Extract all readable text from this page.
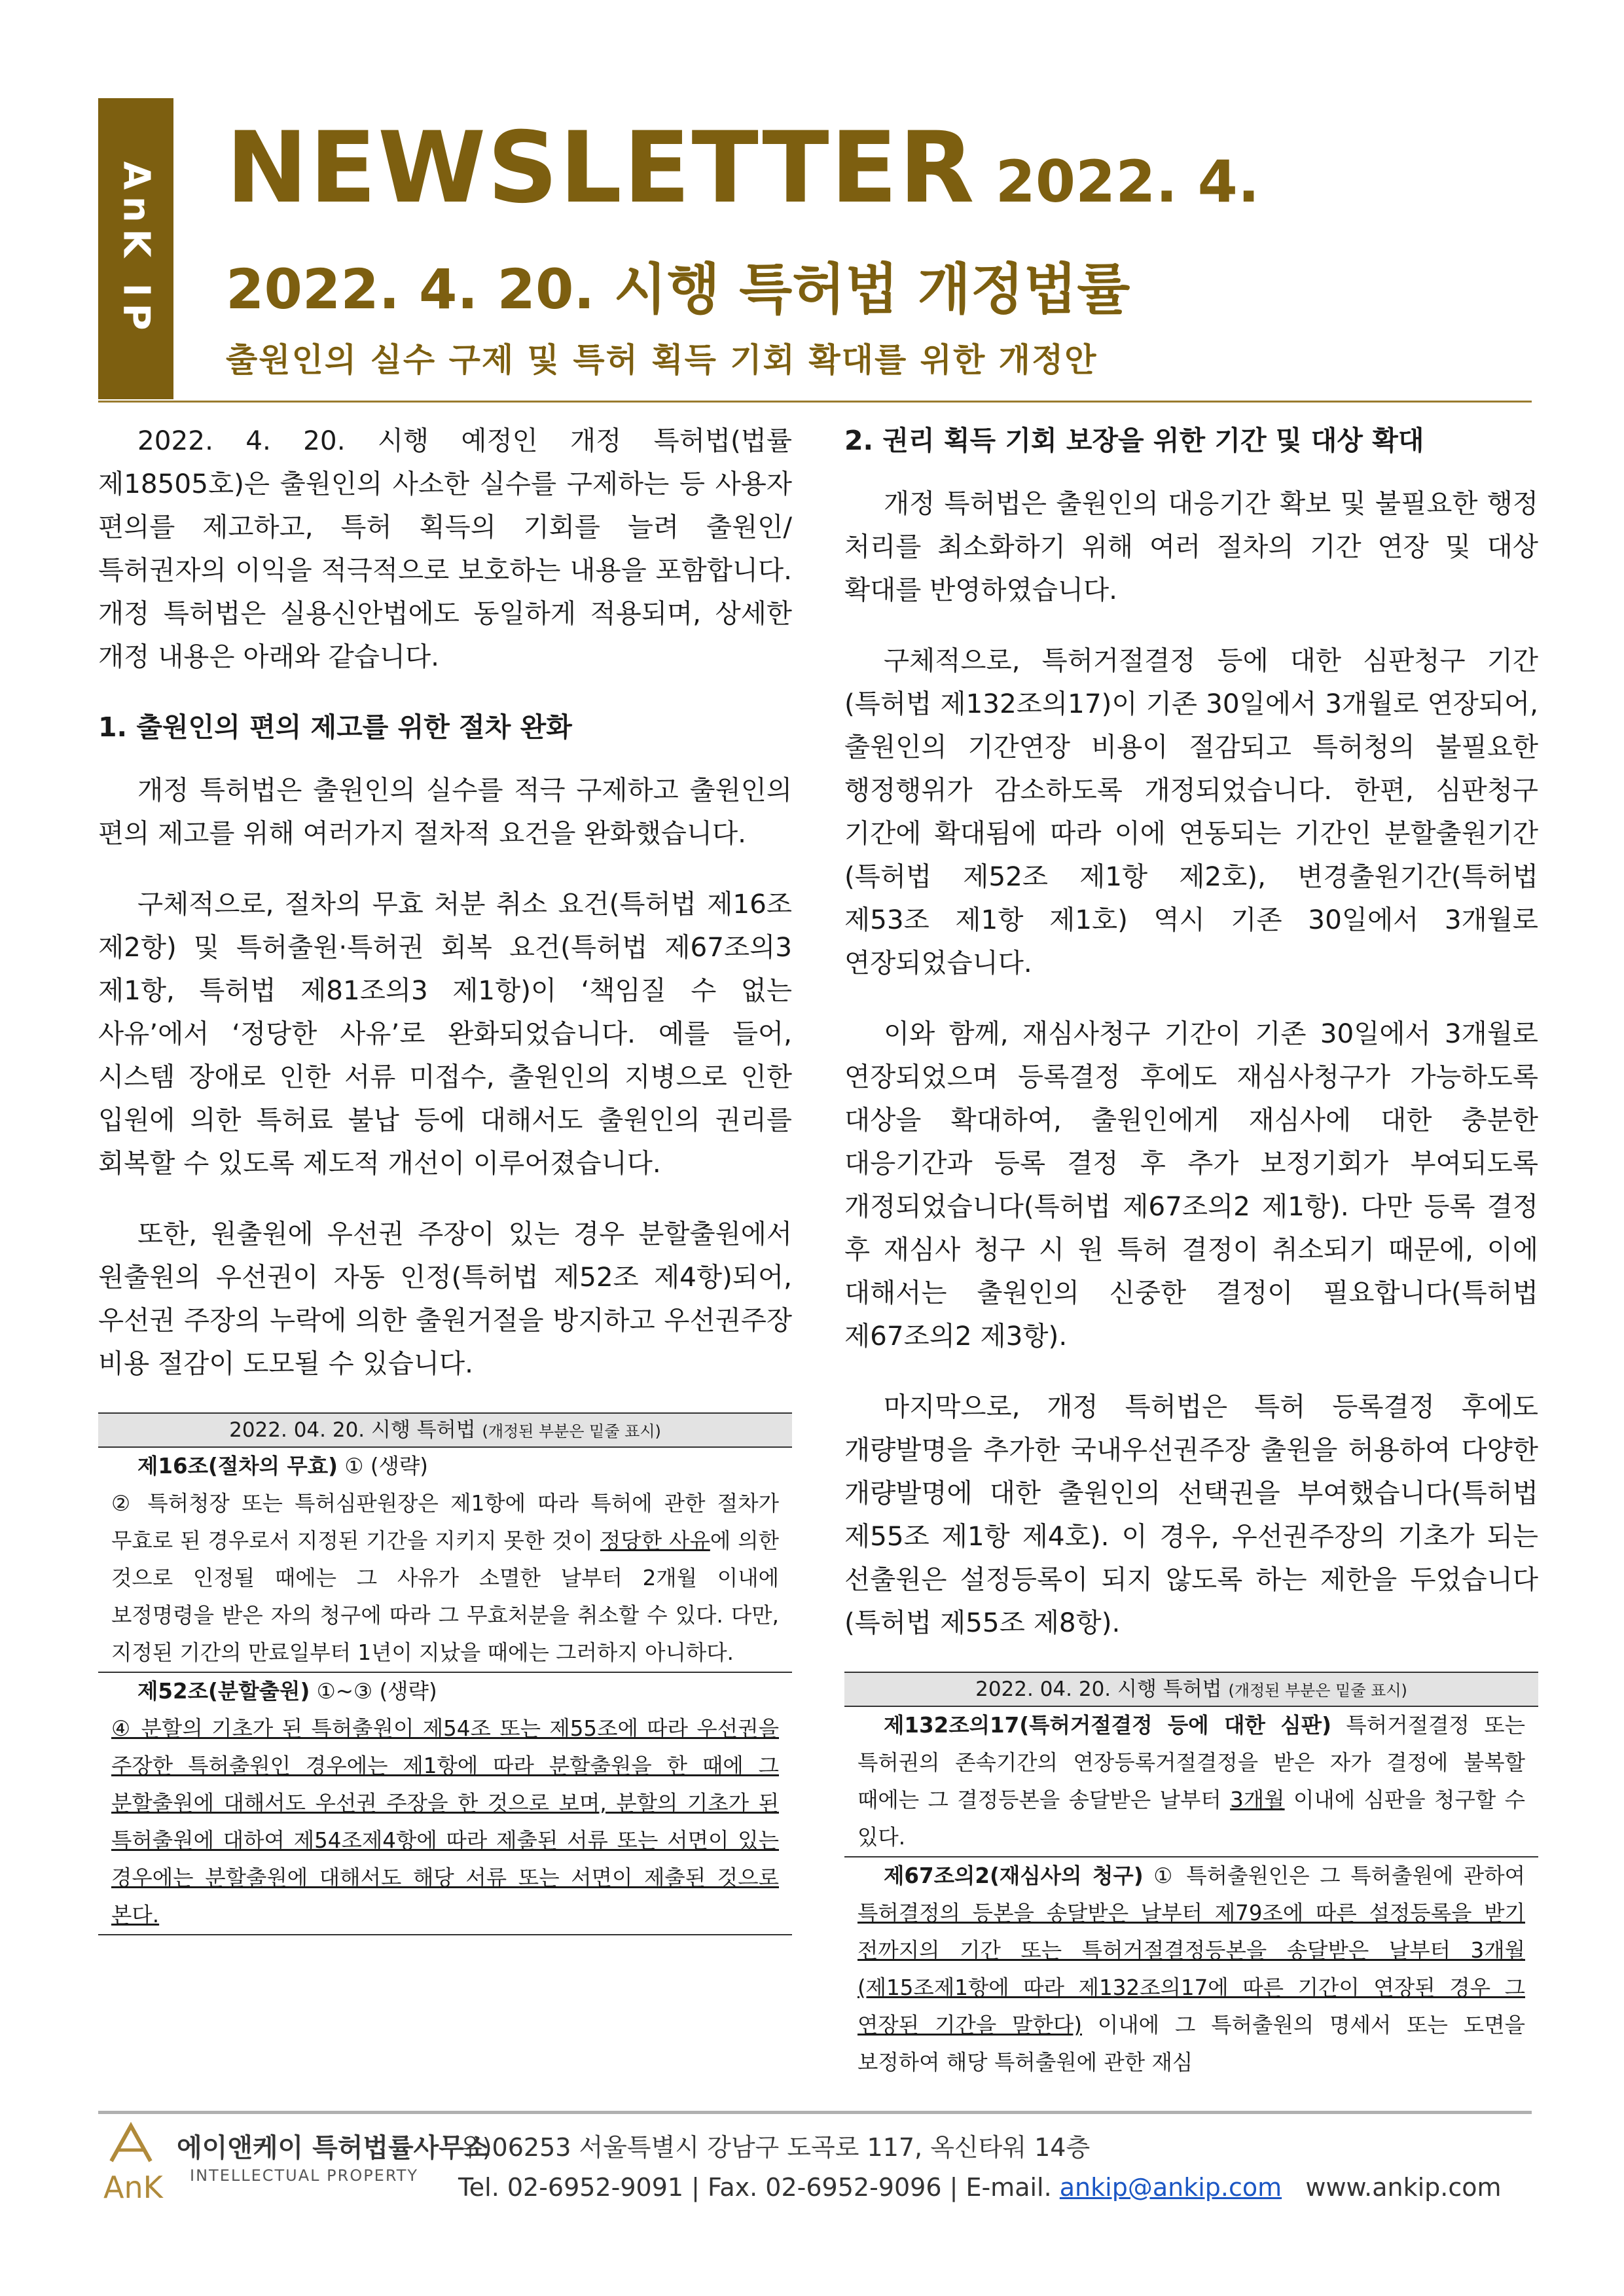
AnK IP NEWSLETTER 2022. 4.
2022. 4. 20. 시행 특허법 개정법률
출원인의 실수 구제 및 특허 획득 기회 확대를 위한 개정안

2022. 4. 20. 시행 예정인 개정 특허법(법률 제18505호)은 출원인의 사소한 실수를 구제하는 등 사용자 편의를 제고하고, 특허 획득의 기회를 늘려 출원인/특허권자의 이익을 적극적으로 보호하는 내용을 포함합니다. 개정 특허법은 실용신안법에도 동일하게 적용되며, 상세한 개정 내용은 아래와 같습니다.

1. 출원인의 편의 제고를 위한 절차 완화

개정 특허법은 출원인의 실수를 적극 구제하고 출원인의 편의 제고를 위해 여러가지 절차적 요건을 완화했습니다.

구체적으로, 절차의 무효 처분 취소 요건(특허법 제16조 제2항) 및 특허출원·특허권 회복 요건(특허법 제67조의3 제1항, 특허법 제81조의3 제1항)이 ‘책임질 수 없는 사유’에서 ‘정당한 사유’로 완화되었습니다. 예를 들어, 시스템 장애로 인한 서류 미접수, 출원인의 지병으로 인한 입원에 의한 특허료 불납 등에 대해서도 출원인의 권리를 회복할 수 있도록 제도적 개선이 이루어졌습니다.

또한, 원출원에 우선권 주장이 있는 경우 분할출원에서 원출원의 우선권이 자동 인정(특허법 제52조 제4항)되어, 우선권 주장의 누락에 의한 출원거절을 방지하고 우선권주장 비용 절감이 도모될 수 있습니다.

2022. 04. 20. 시행 특허법 (개정된 부분은 밑줄 표시)
제16조(절차의 무효) ① (생략)
② 특허청장 또는 특허심판원장은 제1항에 따라 특허에 관한 절차가 무효로 된 경우로서 지정된 기간을 지키지 못한 것이 정당한 사유에 의한 것으로 인정될 때에는 그 사유가 소멸한 날부터 2개월 이내에 보정명령을 받은 자의 청구에 따라 그 무효처분을 취소할 수 있다. 다만, 지정된 기간의 만료일부터 1년이 지났을 때에는 그러하지 아니하다.
제52조(분할출원) ①~③ (생략)
④ 분할의 기초가 된 특허출원이 제54조 또는 제55조에 따라 우선권을 주장한 특허출원인 경우에는 제1항에 따라 분할출원을 한 때에 그 분할출원에 대해서도 우선권 주장을 한 것으로 보며, 분할의 기초가 된 특허출원에 대하여 제54조제4항에 따라 제출된 서류 또는 서면이 있는 경우에는 분할출원에 대해서도 해당 서류 또는 서면이 제출된 것으로 본다.
2. 권리 획득 기회 보장을 위한 기간 및 대상 확대

개정 특허법은 출원인의 대응기간 확보 및 불필요한 행정 처리를 최소화하기 위해 여러 절차의 기간 연장 및 대상 확대를 반영하였습니다.

구체적으로, 특허거절결정 등에 대한 심판청구 기간(특허법 제132조의17)이 기존 30일에서 3개월로 연장되어, 출원인의 기간연장 비용이 절감되고 특허청의 불필요한 행정행위가 감소하도록 개정되었습니다. 한편, 심판청구 기간에 확대됨에 따라 이에 연동되는 기간인 분할출원기간(특허법 제52조 제1항 제2호), 변경출원기간(특허법 제53조 제1항 제1호) 역시 기존 30일에서 3개월로 연장되었습니다.

이와 함께, 재심사청구 기간이 기존 30일에서 3개월로 연장되었으며 등록결정 후에도 재심사청구가 가능하도록 대상을 확대하여, 출원인에게 재심사에 대한 충분한 대응기간과 등록 결정 후 추가 보정기회가 부여되도록 개정되었습니다(특허법 제67조의2 제1항). 다만 등록 결정 후 재심사 청구 시 원 특허 결정이 취소되기 때문에, 이에 대해서는 출원인의 신중한 결정이 필요합니다(특허법 제67조의2 제3항).

마지막으로, 개정 특허법은 특허 등록결정 후에도 개량발명을 추가한 국내우선권주장 출원을 허용하여 다양한 개량발명에 대한 출원인의 선택권을 부여했습니다(특허법 제55조 제1항 제4호). 이 경우, 우선권주장의 기초가 되는 선출원은 설정등록이 되지 않도록 하는 제한을 두었습니다(특허법 제55조 제8항).

2022. 04. 20. 시행 특허법 (개정된 부분은 밑줄 표시)
제132조의17(특허거절결정 등에 대한 심판) 특허거절결정 또는 특허권의 존속기간의 연장등록거절결정을 받은 자가 결정에 불복할 때에는 그 결정등본을 송달받은 날부터 3개월 이내에 심판을 청구할 수 있다.
제67조의2(재심사의 청구) ① 특허출원인은 그 특허출원에 관하여 특허결정의 등본을 송달받은 날부터 제79조에 따른 설정등록을 받기 전까지의 기간 또는 특허거절결정등본을 송달받은 날부터 3개월(제15조제1항에 따라 제132조의17에 따른 기간이 연장된 경우 그 연장된 기간을 말한다) 이내에 그 특허출원의 명세서 또는 도면을 보정하여 해당 특허출원에 관한 재심
AnK
에이앤케이 특허법률사무소
INTELLECTUAL PROPERTY
우)06253 서울특별시 강남구 도곡로 117, 옥신타워 14층
Tel. 02-6952-9091 | Fax. 02-6952-9096 | E-mail. ankip@ankip.com www.ankip.com
